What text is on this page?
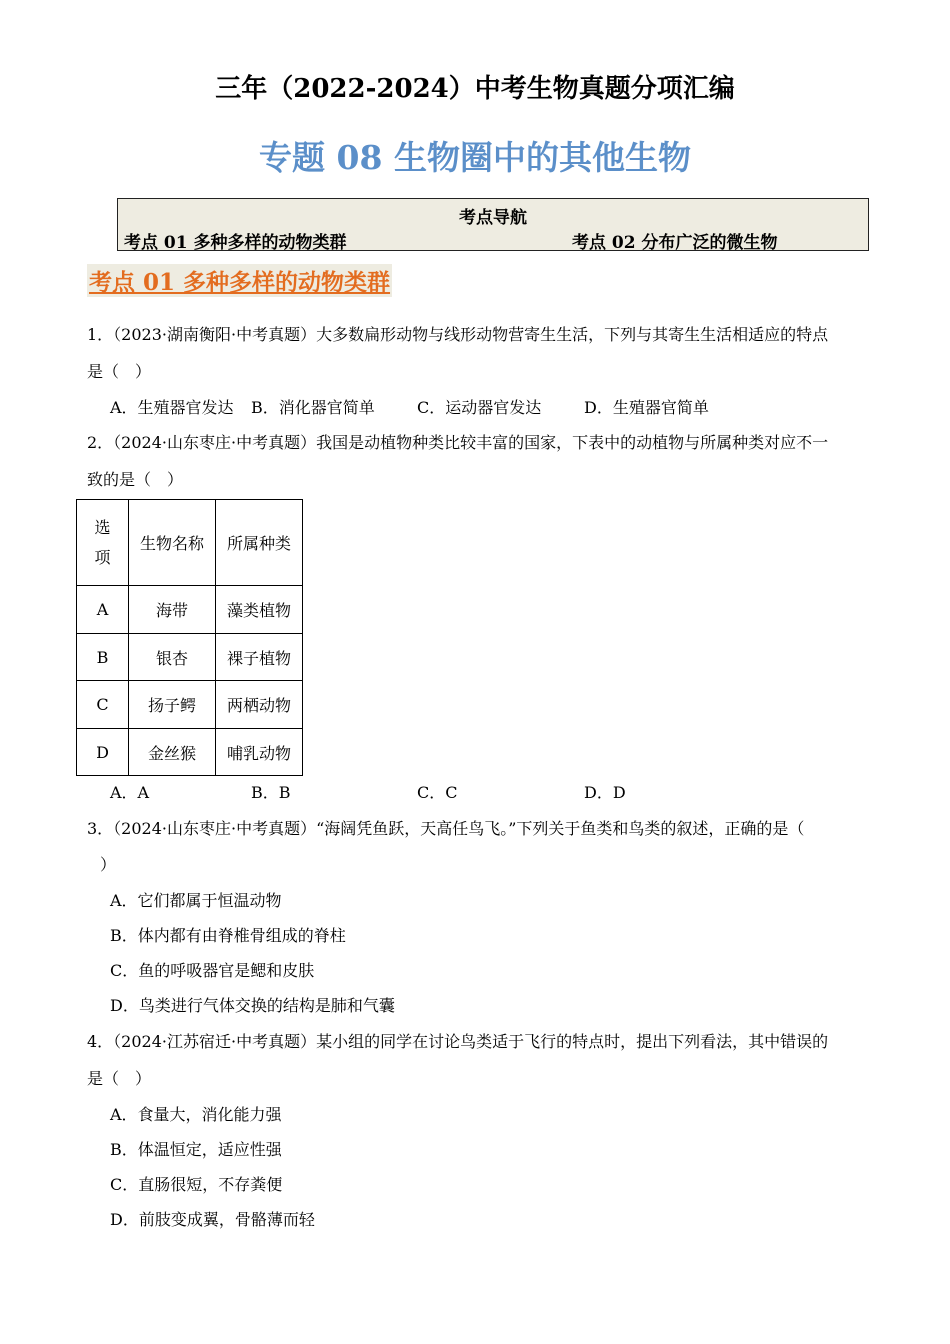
三年（2022-2024）中考生物真题分项汇编
专题 08 生物圈中的其他生物
考点导航
考点 01 多种多样的动物类群	考点 02 分布广泛的微生物
考点 01 多种多样的动物类群
1．（2023·湖南衡阳·中考真题）大多数扁形动物与线形动物营寄生生活，下列与其寄生生活相适应的特点
是（　）
A．生殖器官发达 B．消化器官简单	C．运动器官发达	D．生殖器官简单
2．（2024·山东枣庄·中考真题）我国是动植物种类比较丰富的国家，下表中的动植物与所属种类对应不一
致的是（　）
选
项	生物名称	所属种类
A	海带	藻类植物
B	银杏	裸子植物
C	扬子鳄	两栖动物
D	金丝猴	哺乳动物
A．A	B．B	C．C	D．D
3．（2024·山东枣庄·中考真题）“海阔凭鱼跃，天高任鸟飞。”下列关于鱼类和鸟类的叙述，正确的是（
）
A．它们都属于恒温动物
B．体内都有由脊椎骨组成的脊柱
C．鱼的呼吸器官是鳃和皮肤
D．鸟类进行气体交换的结构是肺和气囊
4．（2024·江苏宿迁·中考真题）某小组的同学在讨论鸟类适于飞行的特点时，提出下列看法，其中错误的
是（　）
A．食量大，消化能力强
B．体温恒定，适应性强
C．直肠很短，不存粪便
D．前肢变成翼，骨骼薄而轻
